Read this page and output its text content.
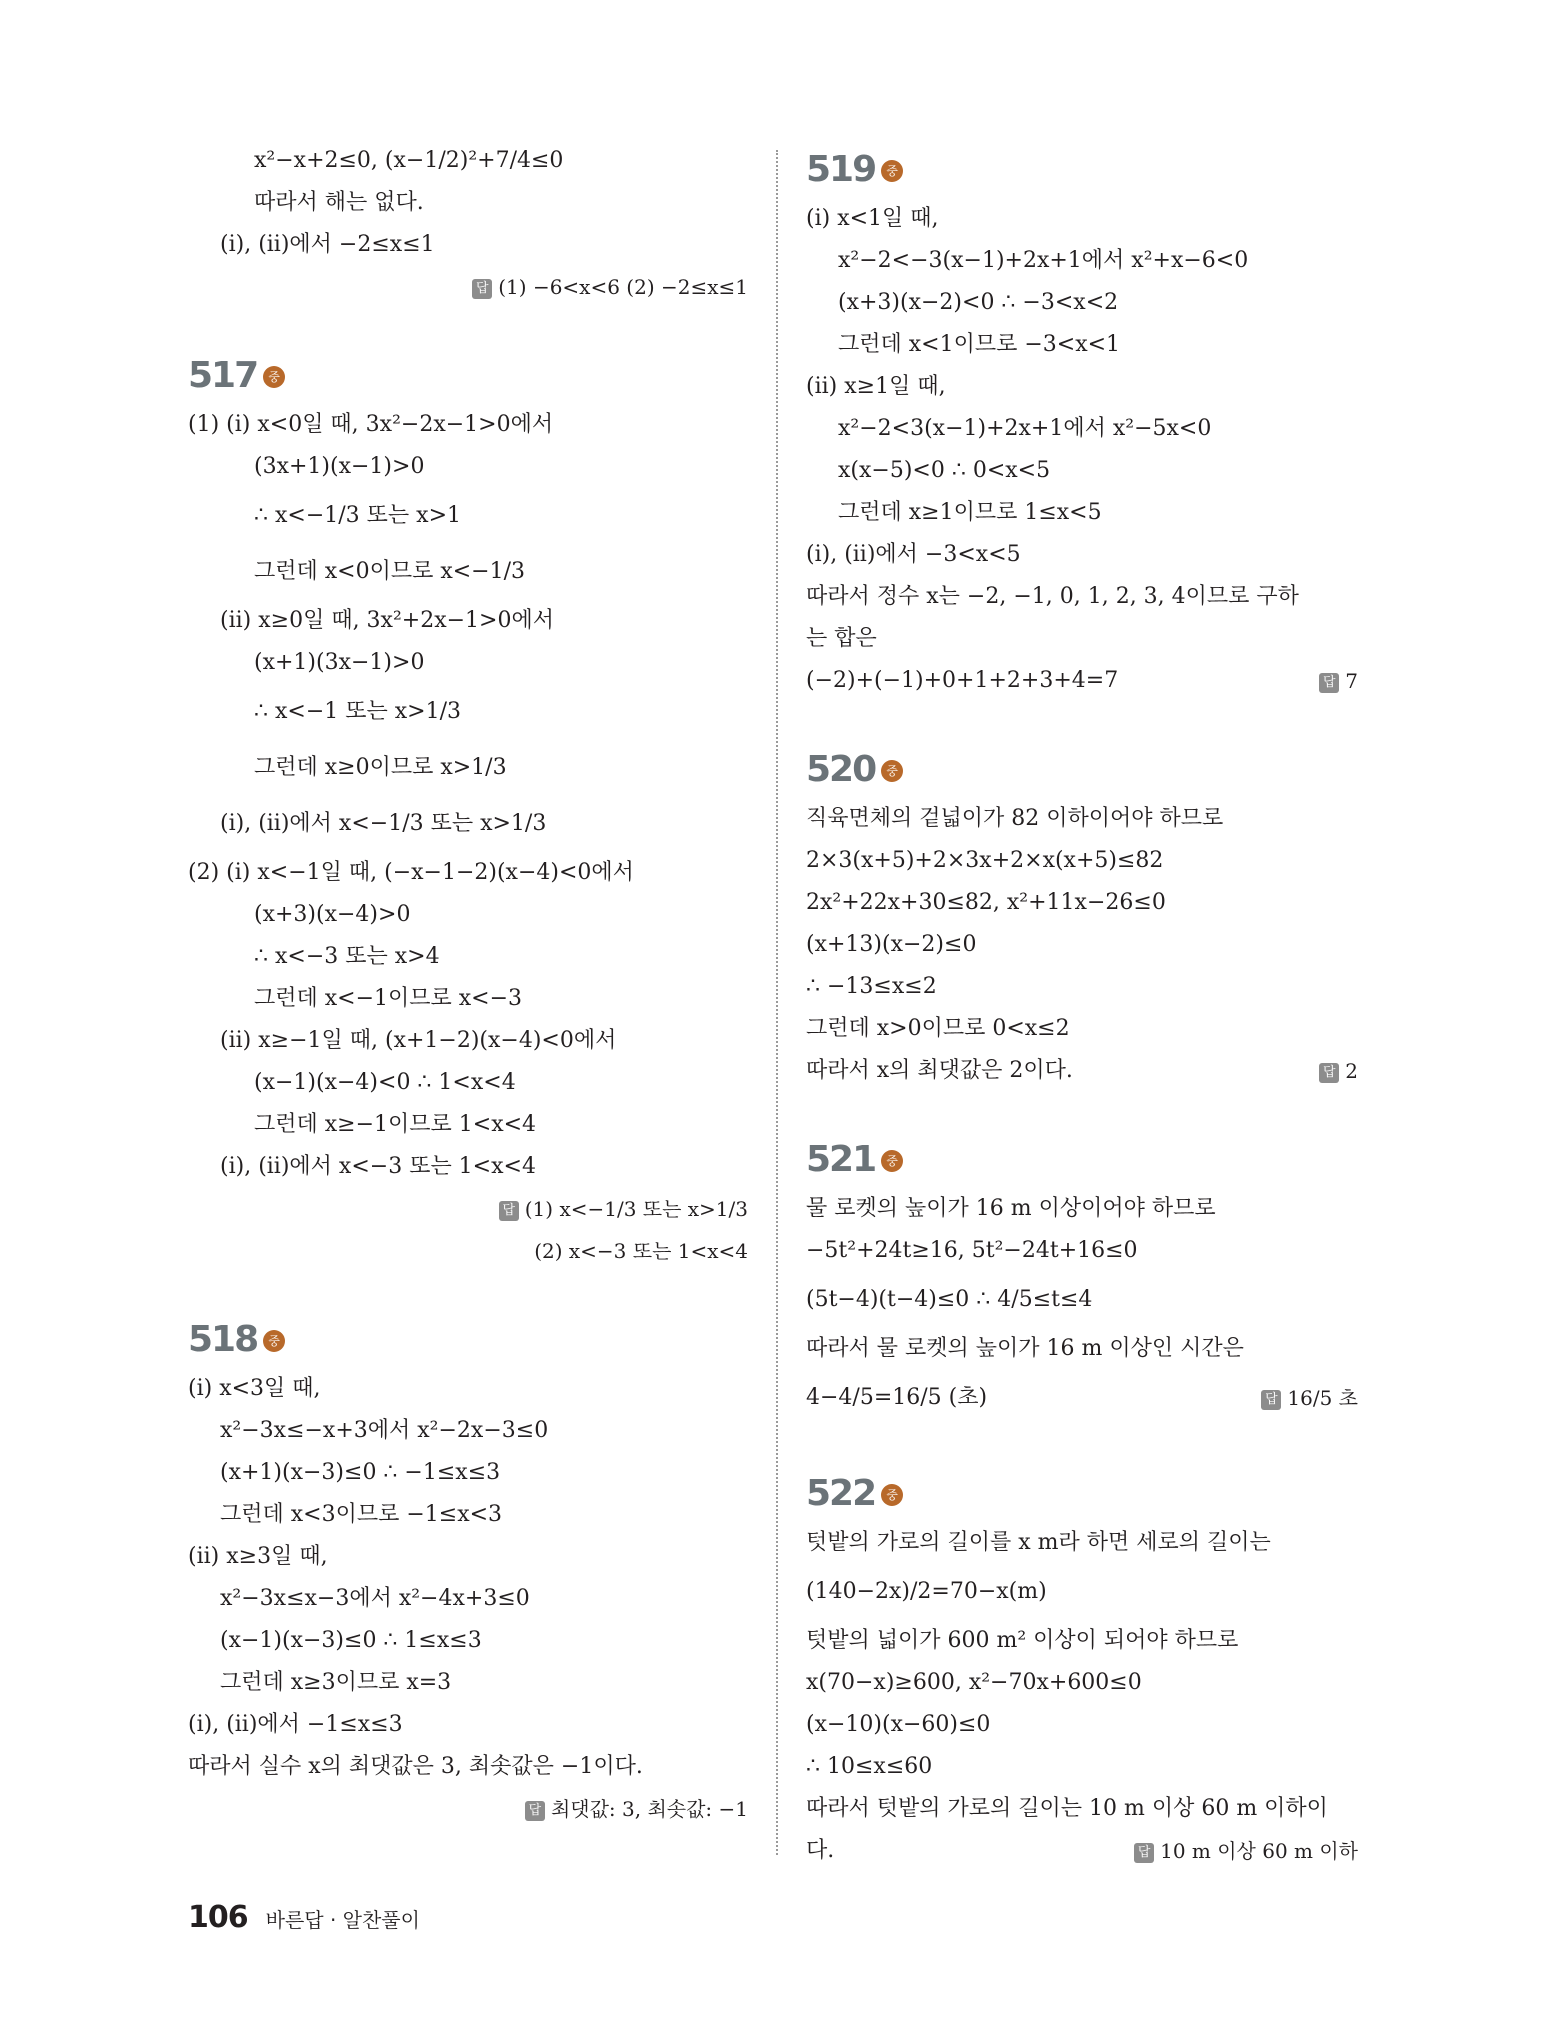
x²−x+2≤0, (x−1/2)²+7/4≤0
따라서 해는 없다.
(i), (ii)에서 −2≤x≤1
답 (1) −6<x<6 (2) −2≤x≤1
517 중
(1) (i) x<0일 때, 3x²−2x−1>0에서
(3x+1)(x−1)>0
∴ x<−1/3 또는 x>1
그런데 x<0이므로 x<−1/3
(ii) x≥0일 때, 3x²+2x−1>0에서
(x+1)(3x−1)>0
∴ x<−1 또는 x>1/3
그런데 x≥0이므로 x>1/3
(i), (ii)에서 x<−1/3 또는 x>1/3
(2) (i) x<−1일 때, (−x−1−2)(x−4)<0에서
(x+3)(x−4)>0
∴ x<−3 또는 x>4
그런데 x<−1이므로 x<−3
(ii) x≥−1일 때, (x+1−2)(x−4)<0에서
(x−1)(x−4)<0 ∴ 1<x<4
그런데 x≥−1이므로 1<x<4
(i), (ii)에서 x<−3 또는 1<x<4
답 (1) x<−1/3 또는 x>1/3
(2) x<−3 또는 1<x<4
518 중
(i) x<3일 때,
x²−3x≤−x+3에서 x²−2x−3≤0
(x+1)(x−3)≤0 ∴ −1≤x≤3
그런데 x<3이므로 −1≤x<3
(ii) x≥3일 때,
x²−3x≤x−3에서 x²−4x+3≤0
(x−1)(x−3)≤0 ∴ 1≤x≤3
그런데 x≥3이므로 x=3
(i), (ii)에서 −1≤x≤3
따라서 실수 x의 최댓값은 3, 최솟값은 −1이다.
답 최댓값: 3, 최솟값: −1
519 중
(i) x<1일 때,
x²−2<−3(x−1)+2x+1에서 x²+x−6<0
(x+3)(x−2)<0 ∴ −3<x<2
그런데 x<1이므로 −3<x<1
(ii) x≥1일 때,
x²−2<3(x−1)+2x+1에서 x²−5x<0
x(x−5)<0 ∴ 0<x<5
그런데 x≥1이므로 1≤x<5
(i), (ii)에서 −3<x<5
따라서 정수 x는 −2, −1, 0, 1, 2, 3, 4이므로 구하
는 합은
(−2)+(−1)+0+1+2+3+4=7	답 7
520 중
직육면체의 겉넓이가 82 이하이어야 하므로
2×3(x+5)+2×3x+2×x(x+5)≤82
2x²+22x+30≤82, x²+11x−26≤0
(x+13)(x−2)≤0
∴ −13≤x≤2
그런데 x>0이므로 0<x≤2
따라서 x의 최댓값은 2이다.	답 2
521 중
물 로켓의 높이가 16 m 이상이어야 하므로
−5t²+24t≥16, 5t²−24t+16≤0
(5t−4)(t−4)≤0 ∴ 4/5≤t≤4
따라서 물 로켓의 높이가 16 m 이상인 시간은
4−4/5=16/5 (초)	답 16/5 초
522 중
텃밭의 가로의 길이를 x m라 하면 세로의 길이는
(140−2x)/2=70−x(m)
텃밭의 넓이가 600 m² 이상이 되어야 하므로
x(70−x)≥600, x²−70x+600≤0
(x−10)(x−60)≤0
∴ 10≤x≤60
따라서 텃밭의 가로의 길이는 10 m 이상 60 m 이하이
다.	답 10 m 이상 60 m 이하
106 바른답 · 알찬풀이
